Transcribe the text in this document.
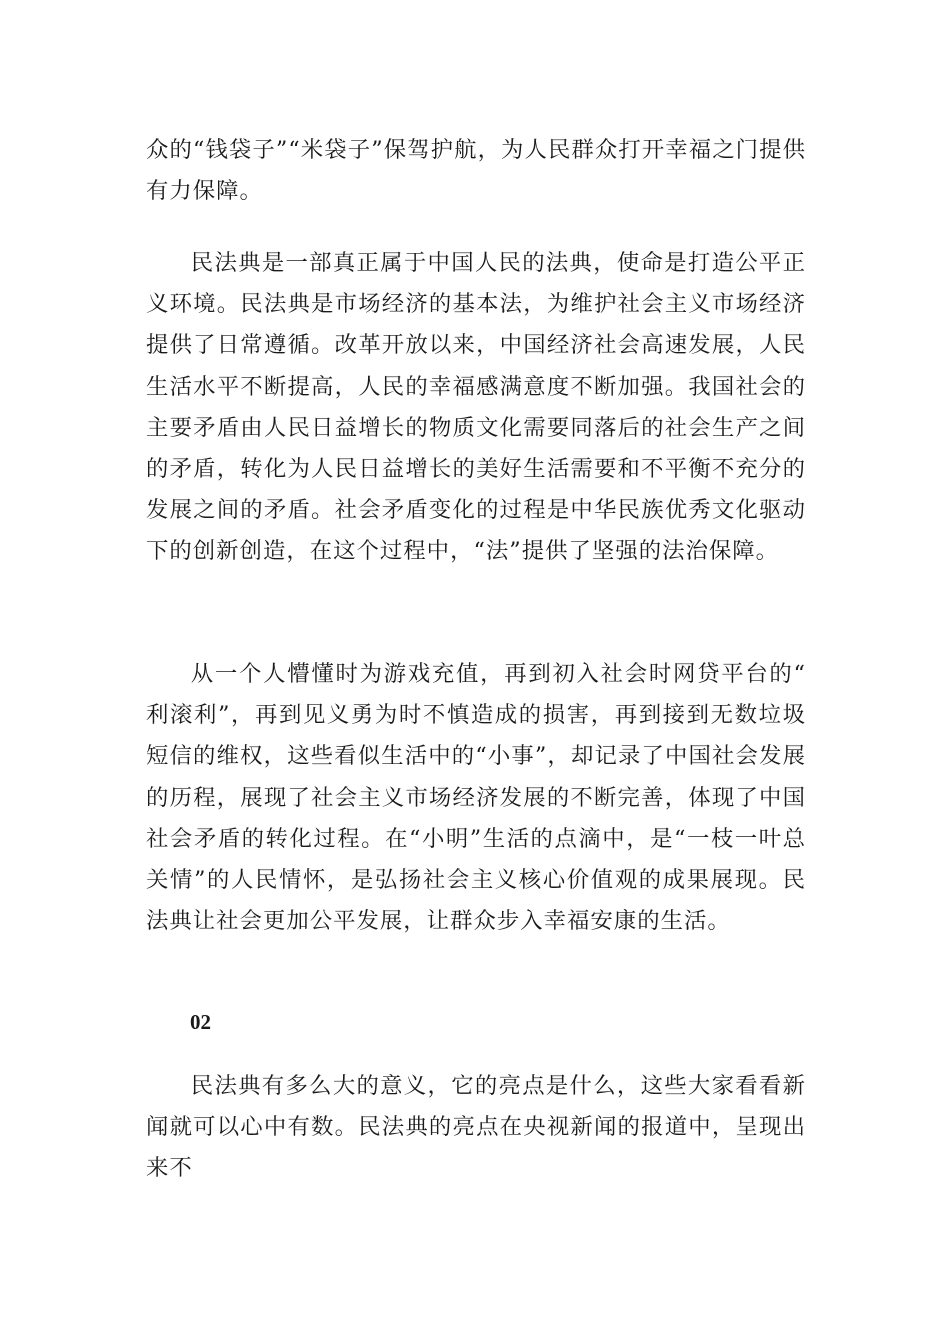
众的“钱袋子”“米袋子”保驾护航，为人民群众打开幸福之门提供有力保障。

民法典是一部真正属于中国人民的法典，使命是打造公平正义环境。民法典是市场经济的基本法，为维护社会主义市场经济提供了日常遵循。改革开放以来，中国经济社会高速发展，人民生活水平不断提高，人民的幸福感满意度不断加强。我国社会的主要矛盾由人民日益增长的物质文化需要同落后的社会生产之间的矛盾，转化为人民日益增长的美好生活需要和不平衡不充分的发展之间的矛盾。社会矛盾变化的过程是中华民族优秀文化驱动下的创新创造，在这个过程中，“法”提供了坚强的法治保障。

从一个人懵懂时为游戏充值，再到初入社会时网贷平台的“利滚利”，再到见义勇为时不慎造成的损害，再到接到无数垃圾短信的维权，这些看似生活中的“小事”，却记录了中国社会发展的历程，展现了社会主义市场经济发展的不断完善，体现了中国社会矛盾的转化过程。在“小明”生活的点滴中，是“一枝一叶总关情”的人民情怀，是弘扬社会主义核心价值观的成果展现。民法典让社会更加公平发展，让群众步入幸福安康的生活。

02

民法典有多么大的意义，它的亮点是什么，这些大家看看新闻就可以心中有数。民法典的亮点在央视新闻的报道中，呈现出来不
